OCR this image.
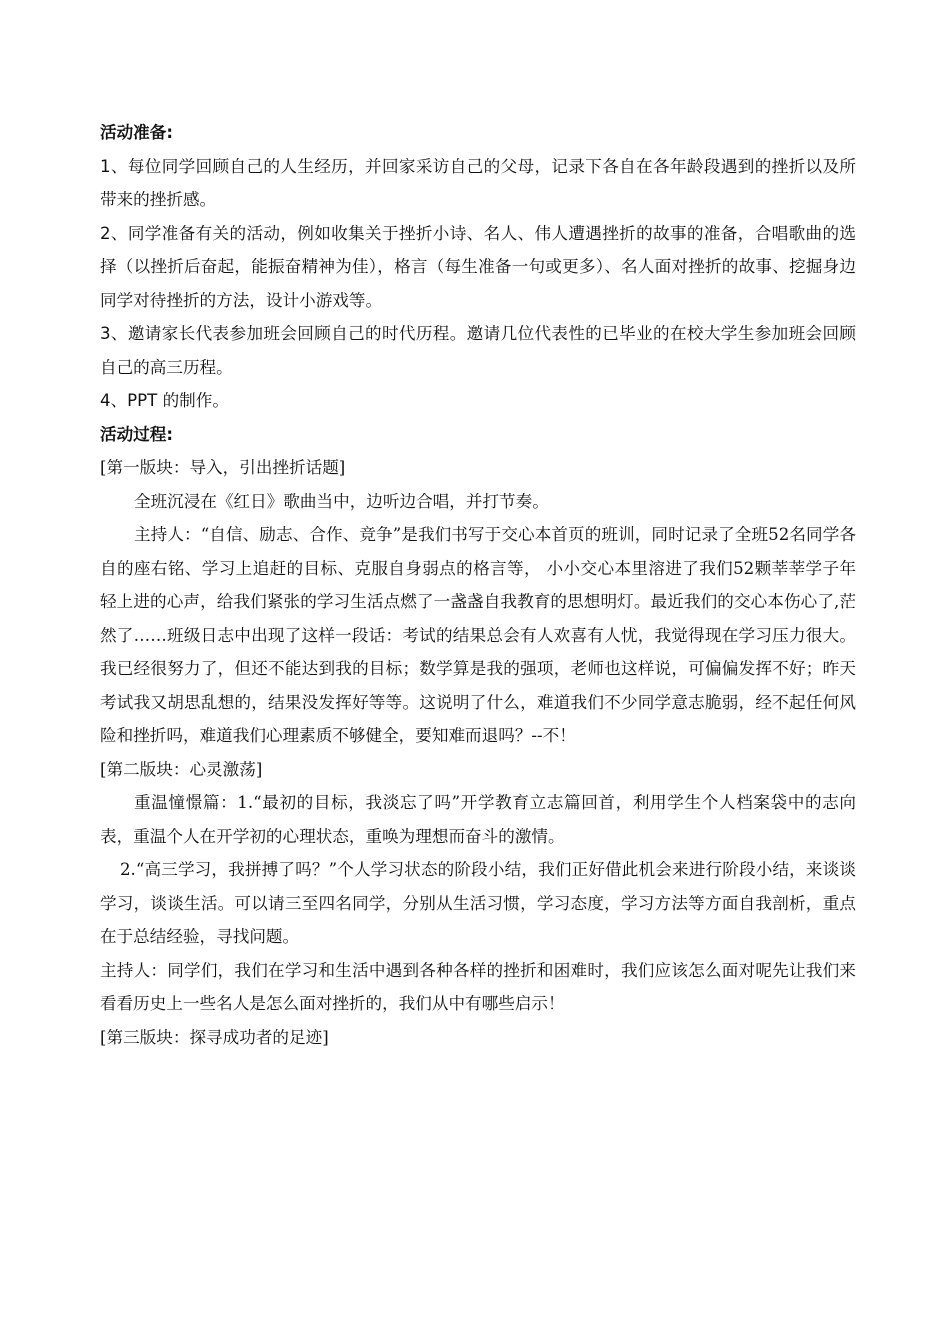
活动准备:

1、每位同学回顾自己的人生经历，并回家采访自己的父母，记录下各自在各年龄段遇到的挫折以及所带来的挫折感。

2、同学准备有关的活动，例如收集关于挫折小诗、名人、伟人遭遇挫折的故事的准备，合唱歌曲的选择（以挫折后奋起，能振奋精神为佳），格言（每生准备一句或更多）、名人面对挫折的故事、挖掘身边同学对待挫折的方法，设计小游戏等。

3、邀请家长代表参加班会回顾自己的时代历程。邀请几位代表性的已毕业的在校大学生参加班会回顾自己的高三历程。

4、PPT 的制作。

活动过程:

[第一版块：导入，引出挫折话题]

全班沉浸在《红日》歌曲当中，边听边合唱，并打节奏。

主持人：“自信、励志、合作、竞争”是我们书写于交心本首页的班训，同时记录了全班52名同学各自的座右铭、学习上追赶的目标、克服自身弱点的格言等， 小小交心本里溶进了我们52颗莘莘学子年轻上进的心声，给我们紧张的学习生活点燃了一盏盏自我教育的思想明灯。最近我们的交心本伤心了,茫然了……班级日志中出现了这样一段话：考试的结果总会有人欢喜有人忧，我觉得现在学习压力很大。我已经很努力了，但还不能达到我的目标；数学算是我的强项，老师也这样说，可偏偏发挥不好；昨天考试我又胡思乱想的，结果没发挥好等等。这说明了什么，难道我们不少同学意志脆弱，经不起任何风险和挫折吗，难道我们心理素质不够健全，要知难而退吗？--不！

[第二版块：心灵激荡]

重温憧憬篇：1.“最初的目标，我淡忘了吗”开学教育立志篇回首，利用学生个人档案袋中的志向表，重温个人在开学初的心理状态，重唤为理想而奋斗的激情。

2.“高三学习，我拼搏了吗？”个人学习状态的阶段小结，我们正好借此机会来进行阶段小结，来谈谈学习，谈谈生活。可以请三至四名同学，分别从生活习惯，学习态度，学习方法等方面自我剖析，重点在于总结经验，寻找问题。

主持人：同学们，我们在学习和生活中遇到各种各样的挫折和困难时，我们应该怎么面对呢先让我们来看看历史上一些名人是怎么面对挫折的，我们从中有哪些启示！

[第三版块：探寻成功者的足迹]
